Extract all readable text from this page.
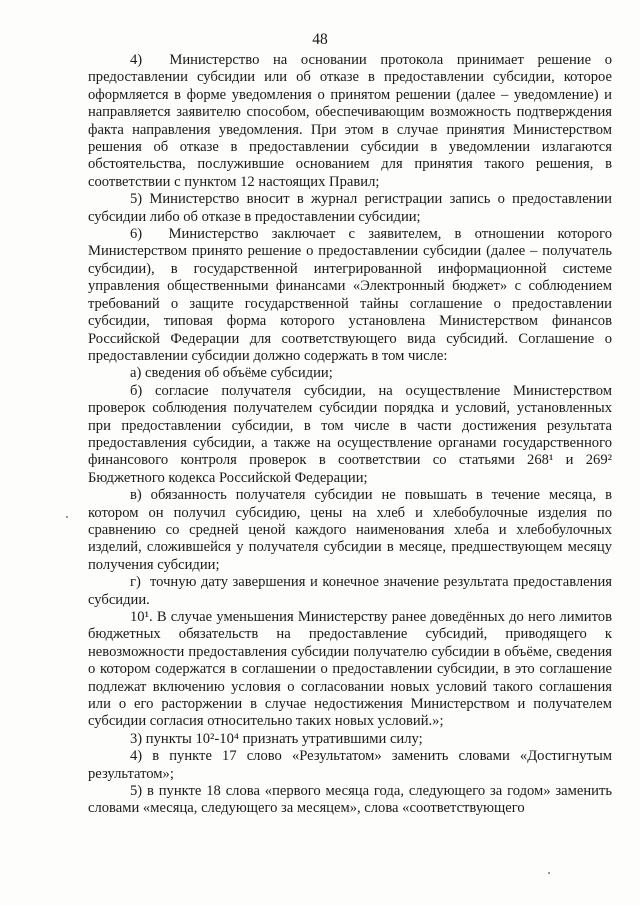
48

4)  Министерство на основании протокола принимает решение о предоставлении субсидии или об отказе в предоставлении субсидии, которое оформляется в форме уведомления о принятом решении (далее – уведомление) и направляется заявителю способом, обеспечивающим возможность подтверждения факта направления уведомления. При этом в случае принятия Министерством решения об отказе в предоставлении субсидии в уведомлении излагаются обстоятельства, послужившие основанием для принятия такого решения, в соответствии с пунктом 12 настоящих Правил;

5) Министерство вносит в журнал регистрации запись о предоставлении субсидии либо об отказе в предоставлении субсидии;

6)  Министерство заключает с заявителем, в отношении которого Министерством принято решение о предоставлении субсидии (далее – получатель субсидии), в государственной интегрированной информационной системе управления общественными финансами «Электронный бюджет» с соблюдением требований о защите государственной тайны соглашение о предоставлении субсидии, типовая форма которого установлена Министерством финансов Российской Федерации для соответствующего вида субсидий. Соглашение о предоставлении субсидии должно содержать в том числе:

а) сведения об объёме субсидии;

б) согласие получателя субсидии, на осуществление Министерством проверок соблюдения получателем субсидии порядка и условий, установленных при предоставлении субсидии, в том числе в части достижения результата предоставления субсидии, а также на осуществление органами государственного финансового контроля проверок в соответствии со статьями 268¹ и 269² Бюджетного кодекса Российской Федерации;

в) обязанность получателя субсидии не повышать в течение месяца, в котором он получил субсидию, цены на хлеб и хлебобулочные изделия по сравнению со средней ценой каждого наименования хлеба и хлебобулочных изделий, сложившейся у получателя субсидии в месяце, предшествующем месяцу получения субсидии;

г)  точную дату завершения и конечное значение результата предоставления субсидии.

10¹. В случае уменьшения Министерству ранее доведённых до него лимитов бюджетных обязательств на предоставление субсидий, приводящего к невозможности предоставления субсидии получателю субсидии в объёме, сведения о котором содержатся в соглашении о предоставлении субсидии, в это соглашение подлежат включению условия о согласовании новых условий такого соглашения или о его расторжении в случае недостижения Министерством и получателем субсидии согласия относительно таких новых условий.»;

3) пункты 10²-10⁴ признать утратившими силу;

4) в пункте 17 слово «Результатом» заменить словами «Достигнутым результатом»;

5) в пункте 18 слова «первого месяца года, следующего за годом» заменить словами «месяца, следующего за месяцем», слова «соответствующего
